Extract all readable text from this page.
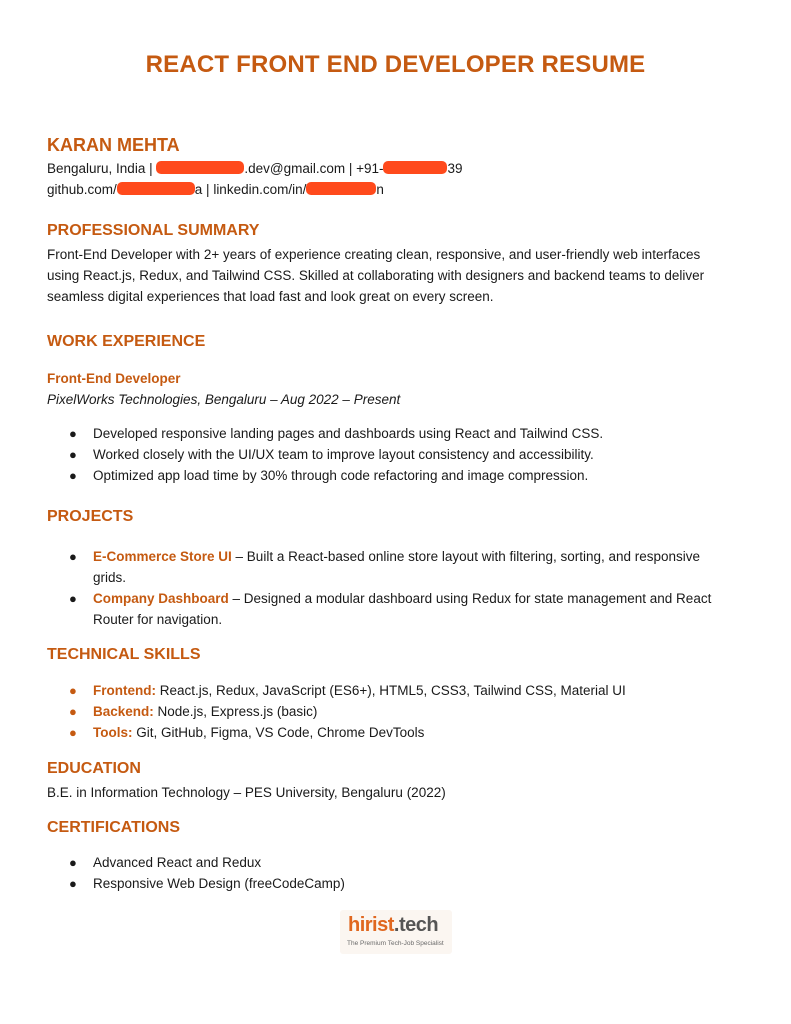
REACT FRONT END DEVELOPER RESUME
KARAN MEHTA
Bengaluru, India |	.dev@gmail.com | +91-	39
github.com/	a | linkedin.com/in/	n
PROFESSIONAL SUMMARY
Front-End Developer with 2+ years of experience creating clean, responsive, and user-friendly web interfaces
using React.js, Redux, and Tailwind CSS. Skilled at collaborating with designers and backend teams to deliver
seamless digital experiences that load fast and look great on every screen.
WORK EXPERIENCE
Front-End Developer
PixelWorks Technologies, Bengaluru – Aug 2022 – Present
● Developed responsive landing pages and dashboards using React and Tailwind CSS.
● Worked closely with the UI/UX team to improve layout consistency and accessibility.
● Optimized app load time by 30% through code refactoring and image compression.
PROJECTS
● E-Commerce Store UI – Built a React-based online store layout with filtering, sorting, and responsive
grids.
● Company Dashboard – Designed a modular dashboard using Redux for state management and React
Router for navigation.
TECHNICAL SKILLS
● Frontend: React.js, Redux, JavaScript (ES6+), HTML5, CSS3, Tailwind CSS, Material UI
● Backend: Node.js, Express.js (basic)
● Tools: Git, GitHub, Figma, VS Code, Chrome DevTools
EDUCATION
B.E. in Information Technology – PES University, Bengaluru (2022)
CERTIFICATIONS
● Advanced React and Redux
● Responsive Web Design (freeCodeCamp)
hirist.tech
The Premium Tech-Job Specialist
